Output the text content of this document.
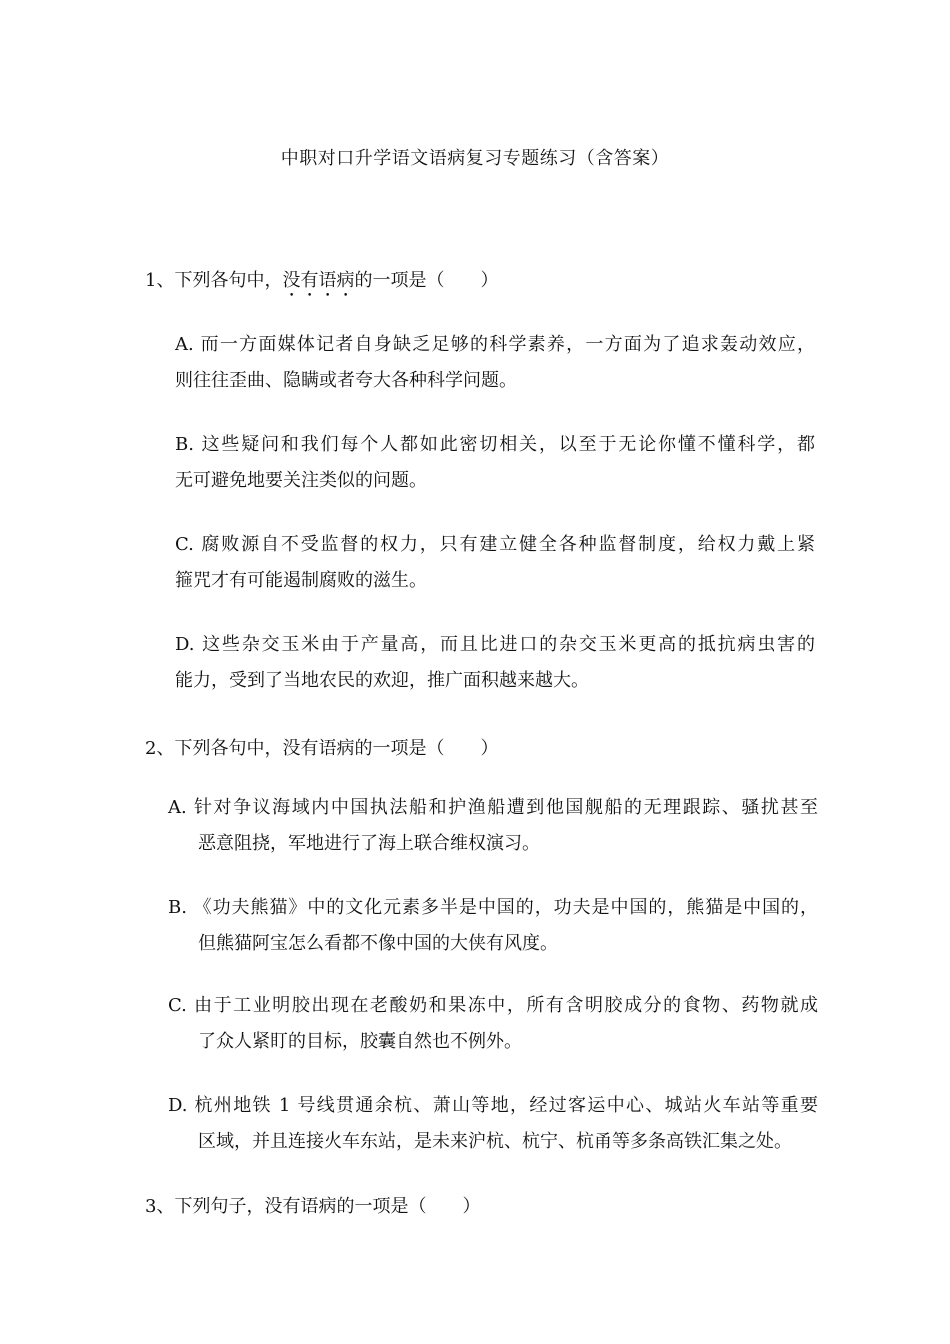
中职对口升学语文语病复习专题练习（含答案）
1、下列各句中，没有语病的一项是（　　）
A. 而一方面媒体记者自身缺乏足够的科学素养，一方面为了追求轰动效应，
则往往歪曲、隐瞒或者夸大各种科学问题。
B. 这些疑问和我们每个人都如此密切相关，以至于无论你懂不懂科学，都
无可避免地要关注类似的问题。
C. 腐败源自不受监督的权力，只有建立健全各种监督制度，给权力戴上紧
箍咒才有可能遏制腐败的滋生。
D. 这些杂交玉米由于产量高，而且比进口的杂交玉米更高的抵抗病虫害的
能力，受到了当地农民的欢迎，推广面积越来越大。
2、下列各句中，没有语病的一项是（　　）
A. 针对争议海域内中国执法船和护渔船遭到他国舰船的无理跟踪、骚扰甚至
恶意阻挠，军地进行了海上联合维权演习。
B. 《功夫熊猫》中的文化元素多半是中国的，功夫是中国的，熊猫是中国的，
但熊猫阿宝怎么看都不像中国的大侠有风度。
C. 由于工业明胶出现在老酸奶和果冻中，所有含明胶成分的食物、药物就成
了众人紧盯的目标，胶囊自然也不例外。
D. 杭州地铁 1 号线贯通余杭、萧山等地，经过客运中心、城站火车站等重要
区域，并且连接火车东站，是未来沪杭、杭宁、杭甬等多条高铁汇集之处。
3、下列句子，没有语病的一项是（　　）
